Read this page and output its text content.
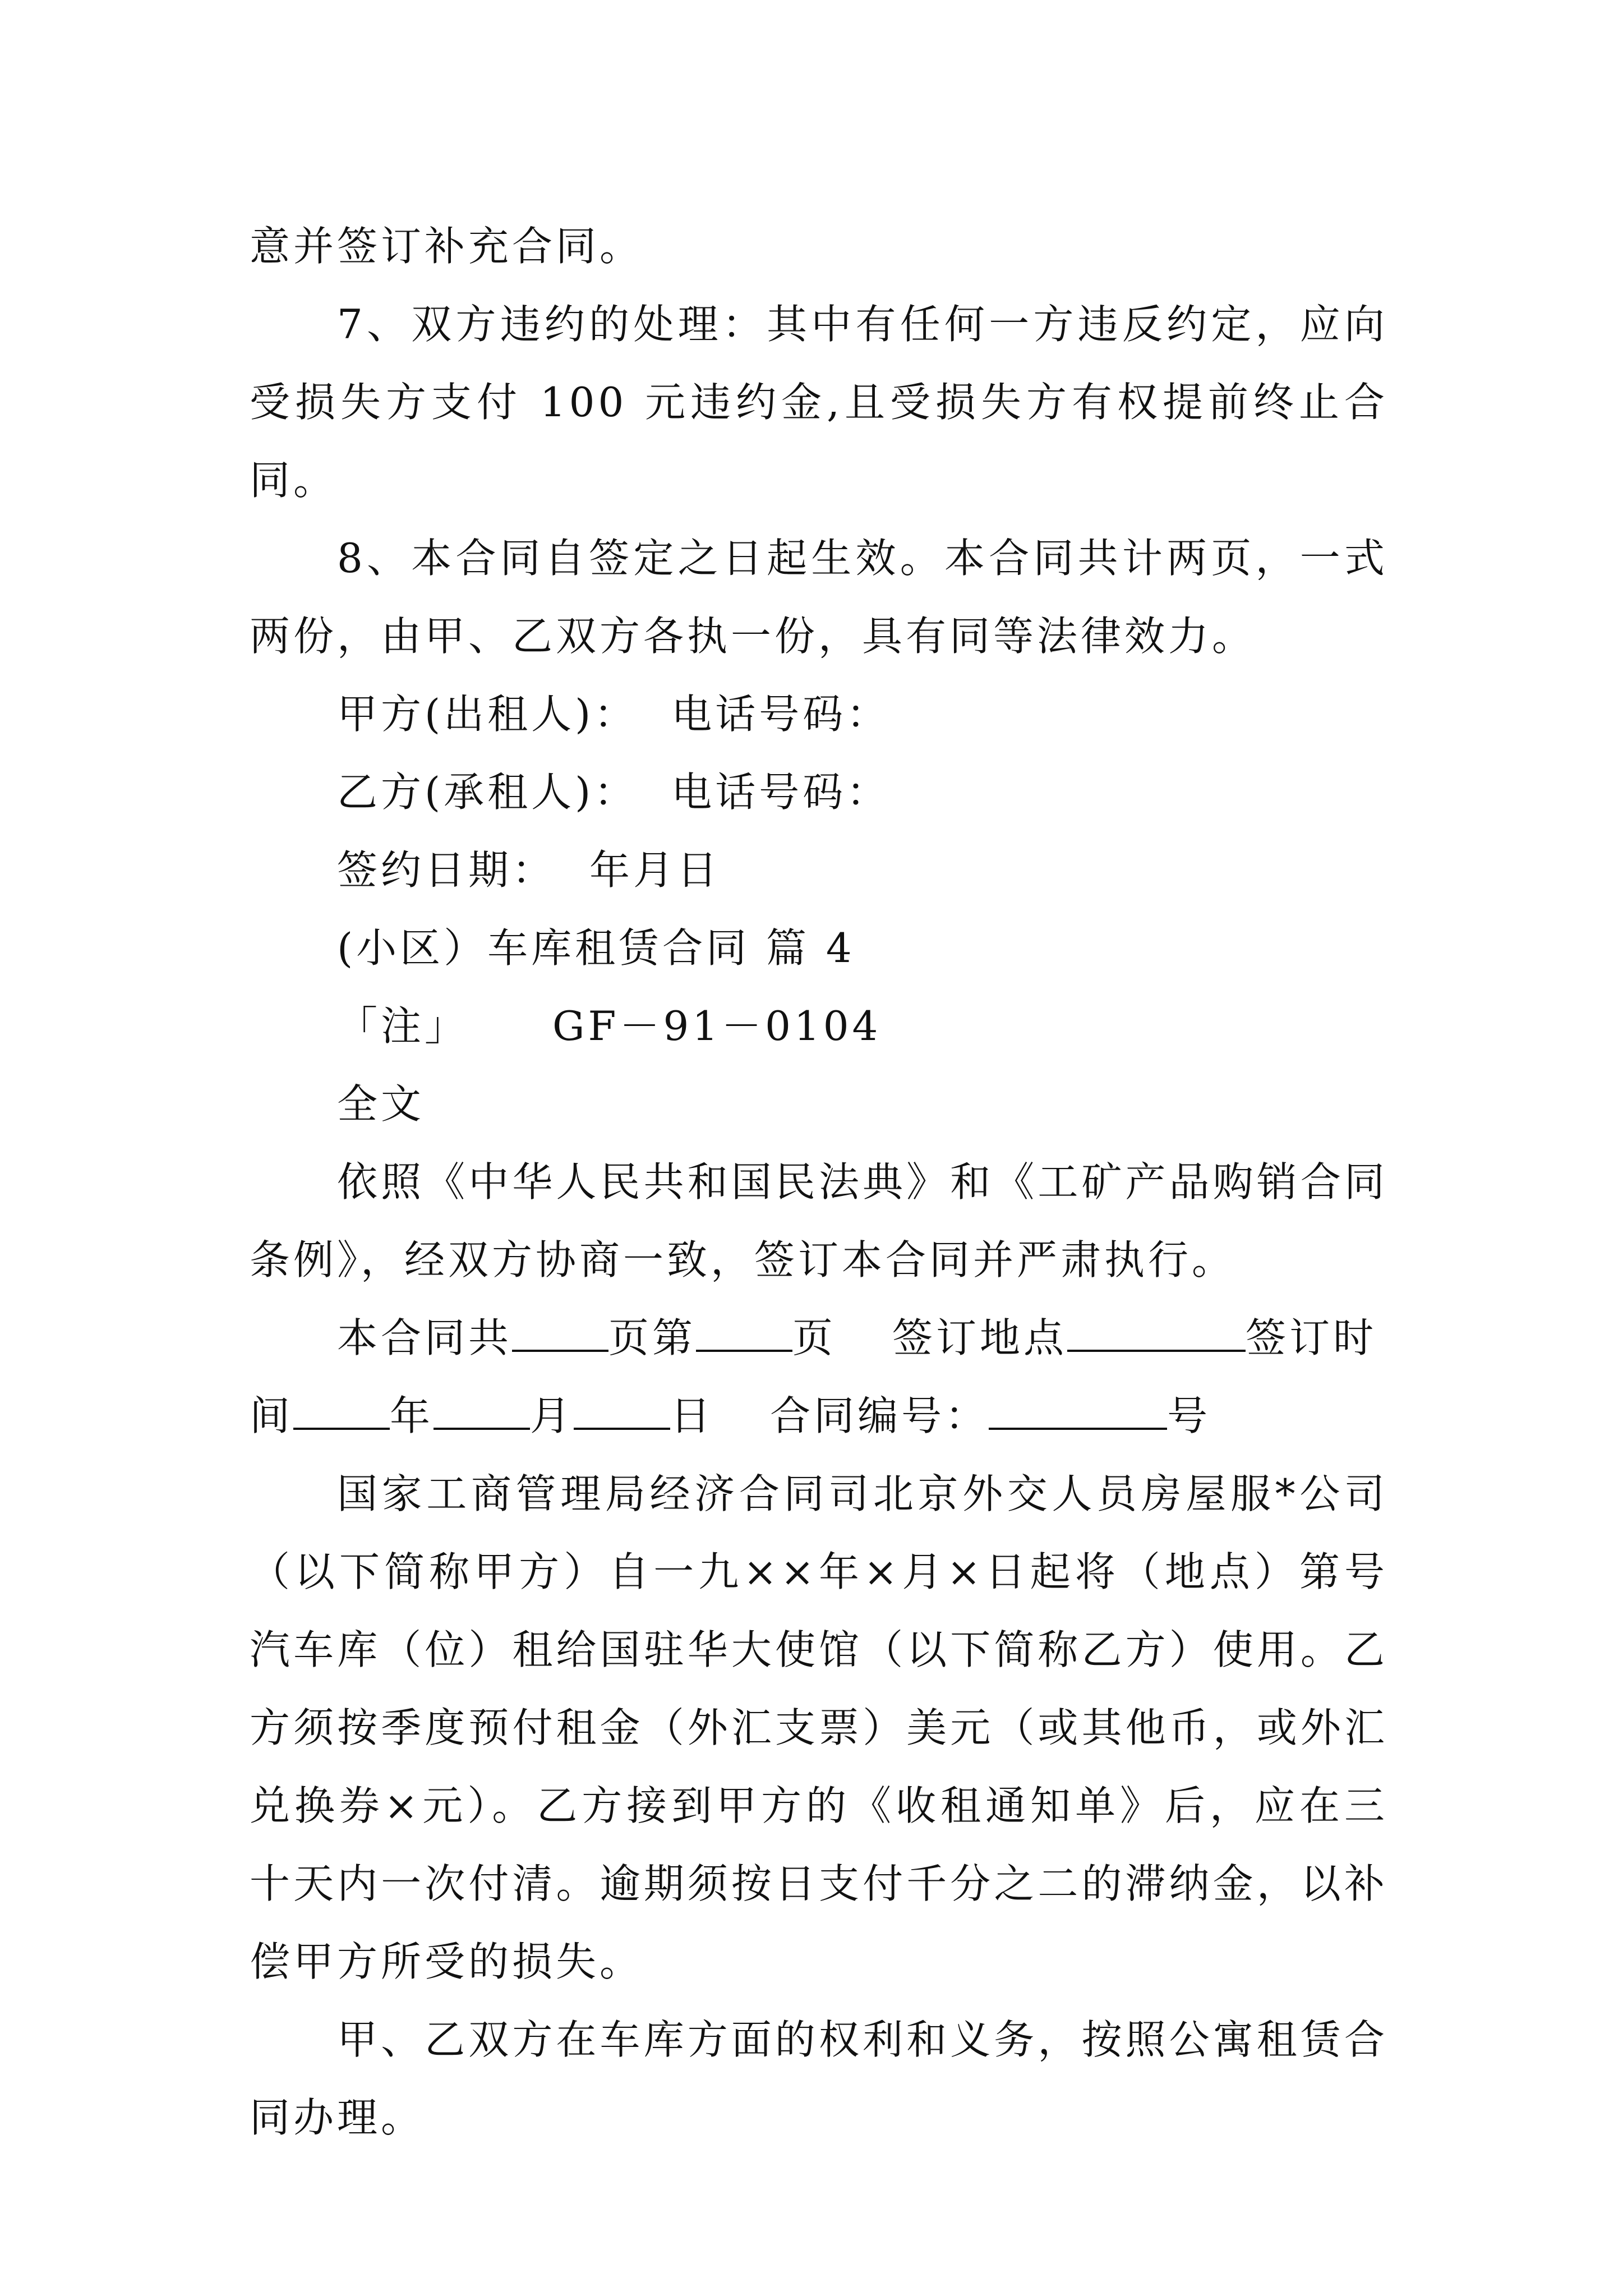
意并签订补充合同。

7、双方违约的处理：其中有任何一方违反约定，应向受损失方支付 100 元违约金,且受损失方有权提前终止合同。

8、本合同自签定之日起生效。本合同共计两页，一式两份，由甲、乙双方各执一份，具有同等法律效力。

甲方(出租人)： 电话号码：

乙方(承租人)： 电话号码：

签约日期： 年月日

(小区）车库租赁合同 篇 4

「注」 GF－91－0104

全文

依照《中华人民共和国民法典》和《工矿产品购销合同条例》，经双方协商一致，签订本合同并严肃执行。

本合同共 页第 页 签订地点	签订时

间 年 月 日 合同编号：	号

国家工商管理局经济合同司北京外交人员房屋服*公司（以下简称甲方）自一九××年×月×日起将（地点）第号汽车库（位）租给国驻华大使馆（以下简称乙方）使用。乙方须按季度预付租金（外汇支票）美元（或其他币，或外汇兑换券×元）。乙方接到甲方的《收租通知单》后，应在三十天内一次付清。逾期须按日支付千分之二的滞纳金，以补偿甲方所受的损失。

甲、乙双方在车库方面的权利和义务，按照公寓租赁合同办理。
